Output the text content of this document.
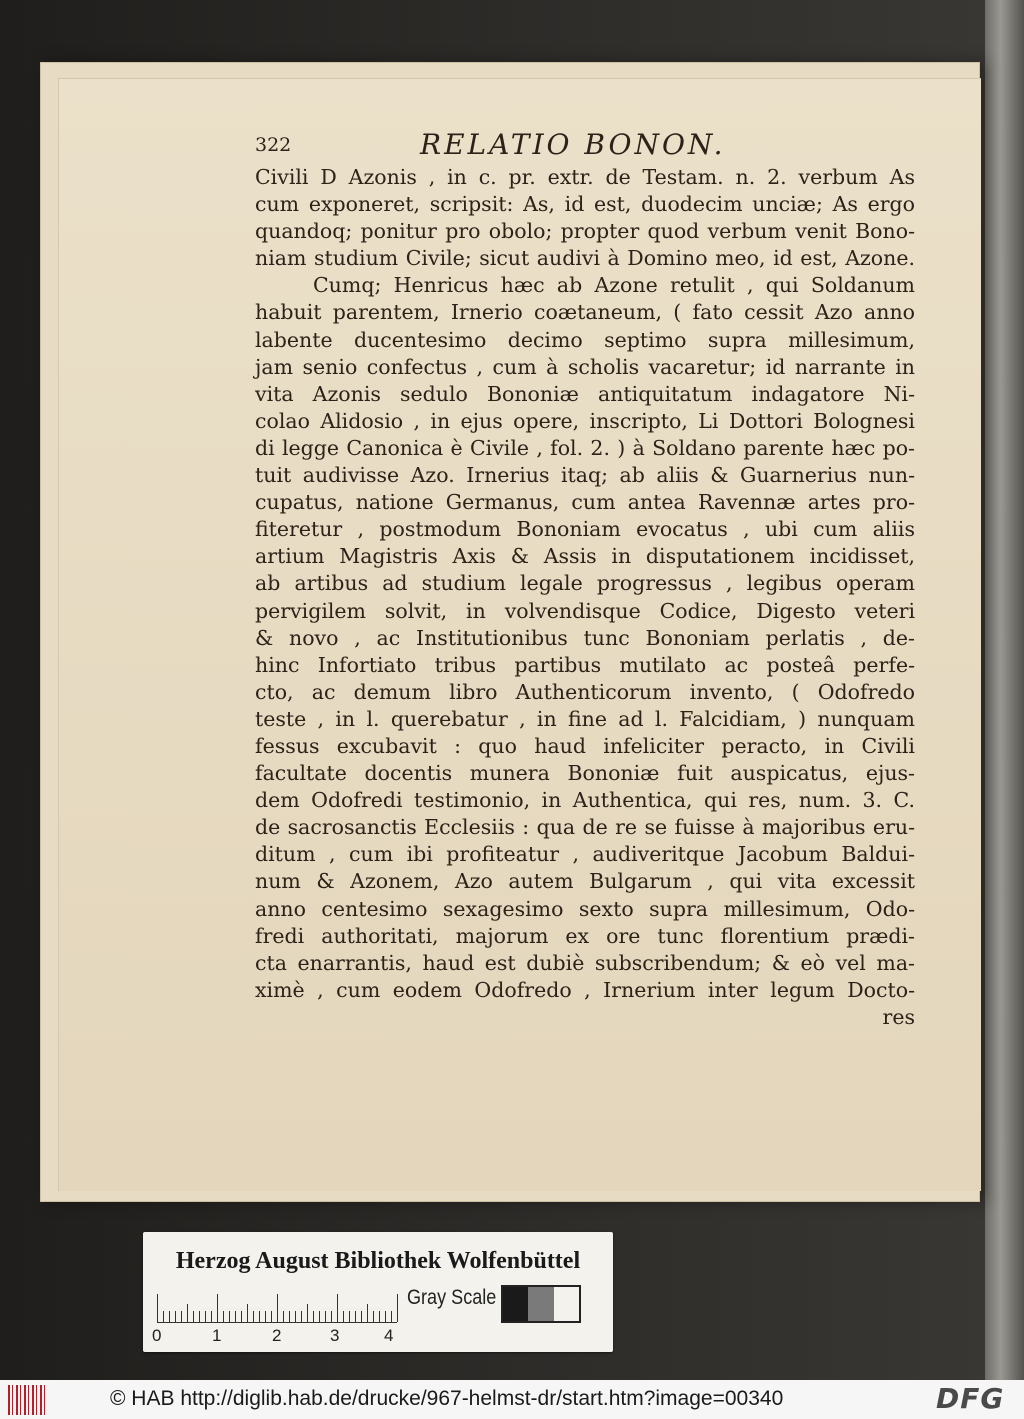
322	RELATIO BONON.
Civili D Azonis , in c. pr. extr. de Testam. n. 2. verbum As
cum exponeret, scripsit: As, id est, duodecim unciæ; As ergo
quandoq; ponitur pro obolo; propter quod verbum venit Bono-
niam studium Civile; sicut audivi à Domino meo, id est, Azone.
Cumq; Henricus hæc ab Azone retulit , qui Soldanum
habuit parentem, Irnerio coætaneum, ( fato cessit Azo anno
labente ducentesimo decimo septimo supra millesimum,
jam senio confectus , cum à scholis vacaretur; id narrante in
vita Azonis sedulo Bononiæ antiquitatum indagatore Ni-
colao Alidosio , in ejus opere, inscripto, Li Dottori Bolognesi
di legge Canonica è Civile , fol. 2. ) à Soldano parente hæc po-
tuit audivisse Azo. Irnerius itaq; ab aliis & Guarnerius nun-
cupatus, natione Germanus, cum antea Ravennæ artes pro-
fiteretur , postmodum Bononiam evocatus , ubi cum aliis
artium Magistris Axis & Assis in disputationem incidisset,
ab artibus ad studium legale progressus , legibus operam
pervigilem solvit, in volvendisque Codice, Digesto veteri
& novo , ac Institutionibus tunc Bononiam perlatis , de-
hinc Infortiato tribus partibus mutilato ac posteâ perfe-
cto, ac demum libro Authenticorum invento, ( Odofredo
teste , in l. querebatur , in fine ad l. Falcidiam, ) nunquam
fessus excubavit : quo haud infeliciter peracto, in Civili
facultate docentis munera Bononiæ fuit auspicatus, ejus-
dem Odofredi testimonio, in Authentica, qui res, num. 3. C.
de sacrosanctis Ecclesiis : qua de re se fuisse à majoribus eru-
ditum , cum ibi profiteatur , audiveritque Jacobum Baldui-
num & Azonem, Azo autem Bulgarum , qui vita excessit
anno centesimo sexagesimo sexto supra millesimum, Odo-
fredi authoritati, majorum ex ore tunc florentium prædi-
cta enarrantis, haud est dubiè subscribendum; & eò vel ma-
ximè , cum eodem Odofredo , Irnerium inter legum Docto-
res
Herzog August Bibliothek Wolfenbüttel
0	1	2	3	4
Gray Scale
© HAB http://diglib.hab.de/drucke/967-helmst-dr/start.htm?image=00340	DFG
